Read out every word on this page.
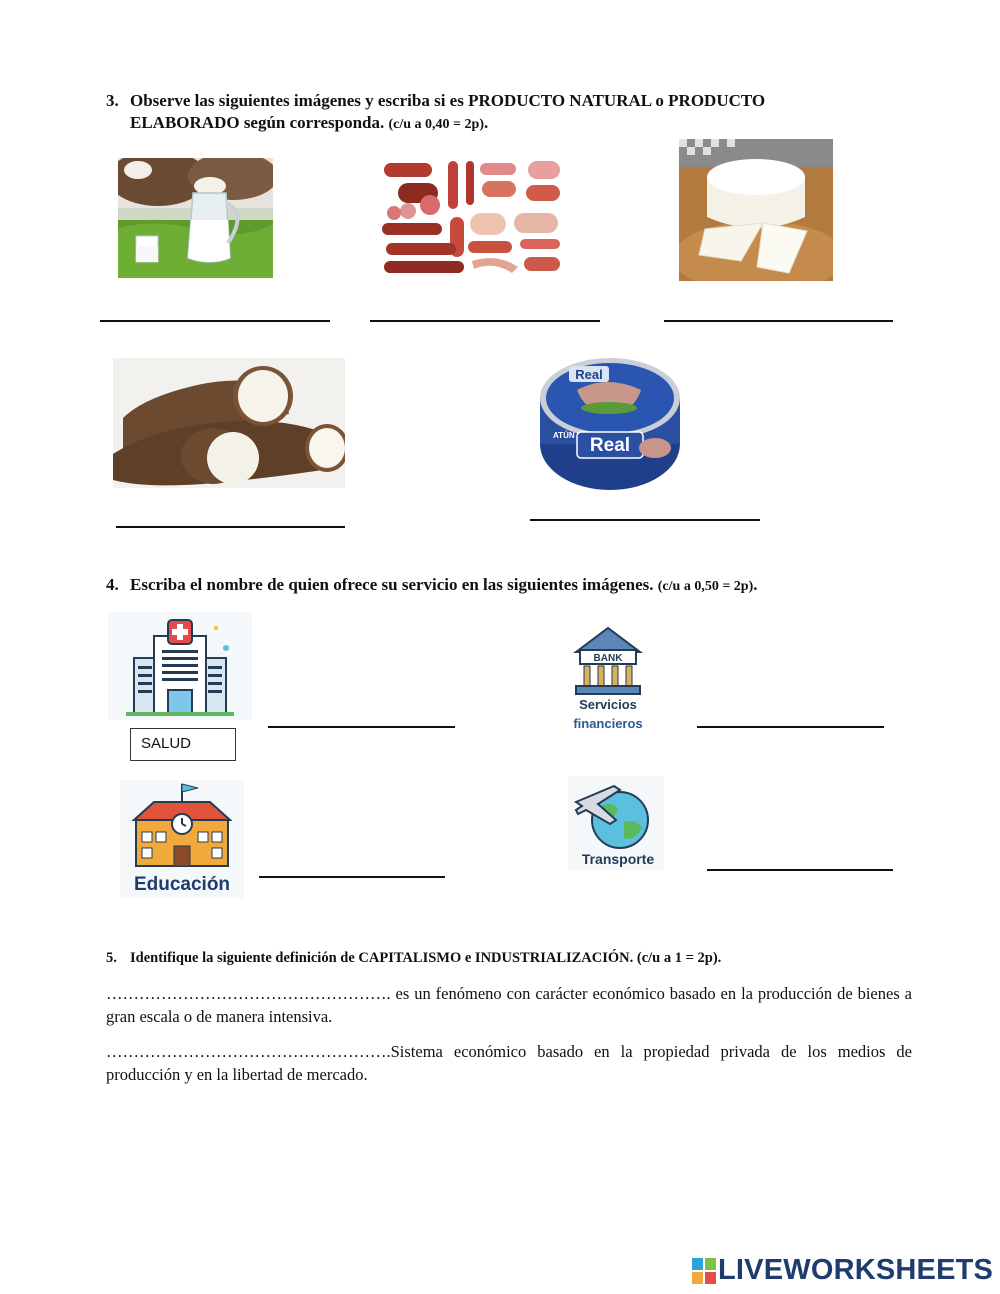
3. Observe las siguientes imágenes y escriba si es PRODUCTO NATURAL o PRODUCTO ELABORADO según corresponda. (c/u a 0,40 = 2p).
Real
Real
ATÚN
4. Escriba el nombre de quien ofrece su servicio en las siguientes imágenes. (c/u a 0,50 = 2p).
SALUD
BANK
Servicios
financieros
Educación
Transporte
5. Identifique la siguiente definición de CAPITALISMO e INDUSTRIALIZACIÓN. (c/u a 1 = 2p).
……………………………………………. es un fenómeno con carácter económico basado en la producción de bienes a gran escala o de manera intensiva.
…………………………………………….Sistema económico basado en la propiedad privada de los medios de producción y en la libertad de mercado.
LIVEWORKSHEETS
